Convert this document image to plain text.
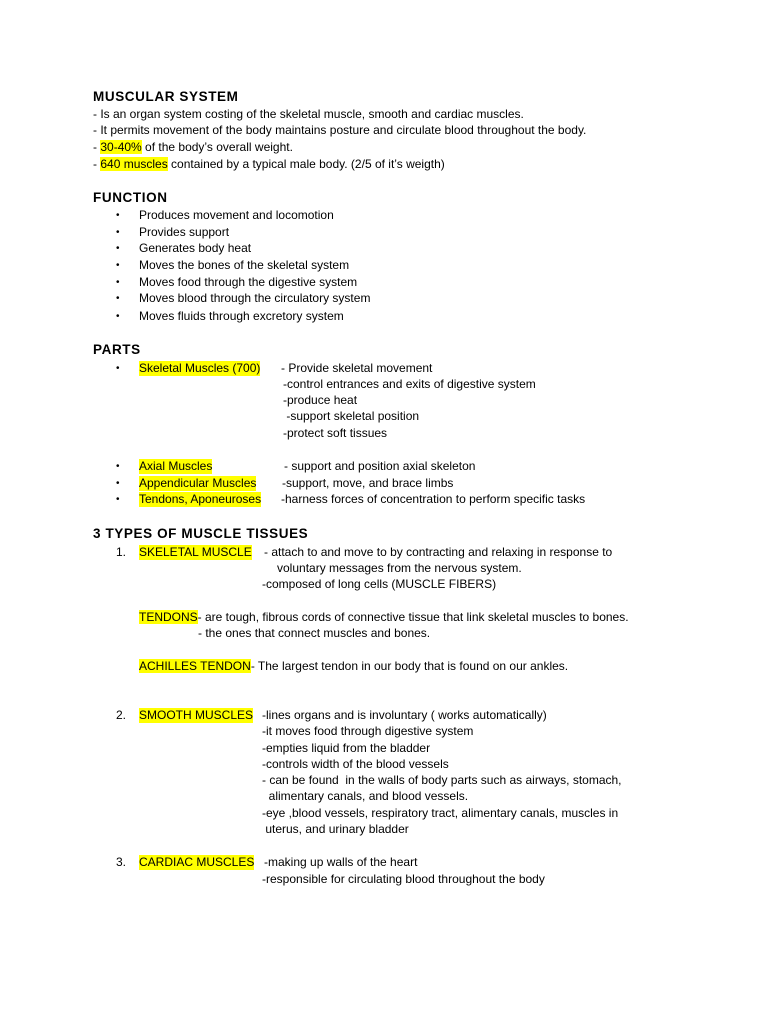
MUSCULAR SYSTEM
- Is an organ system costing of the skeletal muscle, smooth and cardiac muscles.
- It permits movement of the body maintains posture and circulate blood throughout the body.
- 30-40% of the body’s overall weight.
- 640 muscles contained by a typical male body. (2/5 of it’s weigth)
FUNCTION
• Produces movement and locomotion
• Provides support
• Generates body heat
• Moves the bones of the skeletal system
• Moves food through the digestive system
• Moves blood through the circulatory system
• Moves fluids through excretory system
PARTS
• Skeletal Muscles (700) - Provide skeletal movement
-control entrances and exits of digestive system
-produce heat
-support skeletal position
-protect soft tissues
• Axial Muscles	- support and position axial skeleton
• Appendicular Muscles -support, move, and brace limbs
• Tendons, Aponeuroses -harness forces of concentration to perform specific tasks
3 TYPES OF MUSCLE TISSUES
1. SKELETAL MUSCLE - attach to and move to by contracting and relaxing in response to
voluntary messages from the nervous system.
-composed of long cells (MUSCLE FIBERS)
TENDONS- are tough, fibrous cords of connective tissue that link skeletal muscles to bones.
- the ones that connect muscles and bones.
ACHILLES TENDON- The largest tendon in our body that is found on our ankles.
2. SMOOTH MUSCLES -lines organs and is involuntary ( works automatically)
-it moves food through digestive system
-empties liquid from the bladder
-controls width of the blood vessels
- can be found  in the walls of body parts such as airways, stomach,
alimentary canals, and blood vessels.
-eye ,blood vessels, respiratory tract, alimentary canals, muscles in
uterus, and urinary bladder
3. CARDIAC MUSCLES -making up walls of the heart
-responsible for circulating blood throughout the body
